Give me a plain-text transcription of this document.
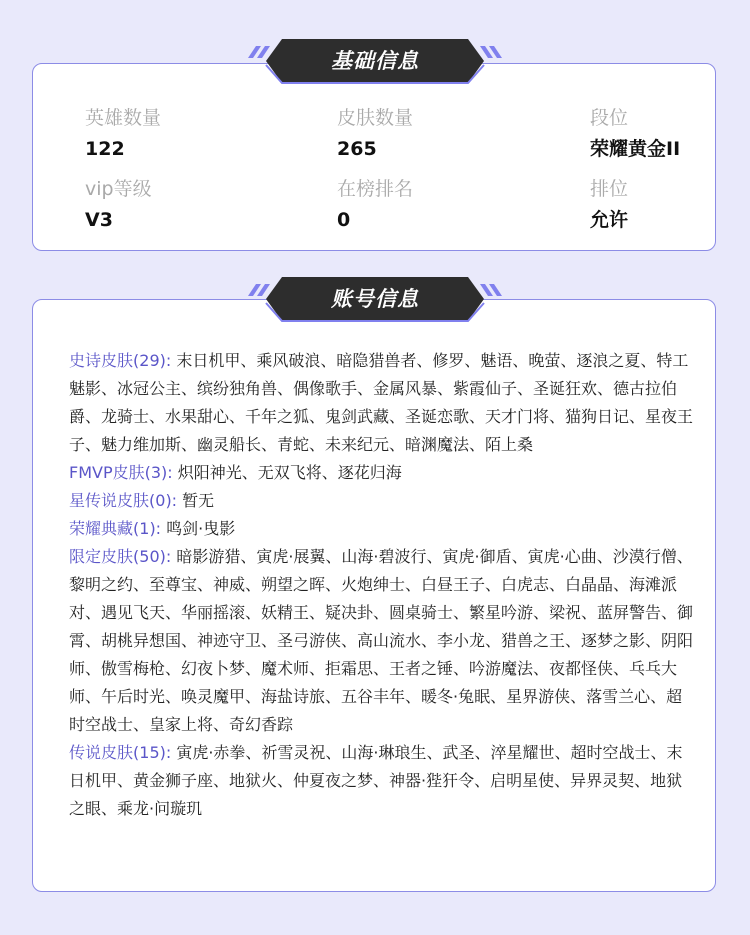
英雄数量
122
皮肤数量
265
段位
荣耀黄金II
vip等级
V3
在榜排名
0
排位
允许
基础信息
史诗皮肤(29): 末日机甲、乘风破浪、暗隐猎兽者、修罗、魅语、晚萤、逐浪之夏、特工魅影、冰冠公主、缤纷独角兽、偶像歌手、金属风暴、紫霞仙子、圣诞狂欢、德古拉伯爵、龙骑士、水果甜心、千年之狐、鬼剑武藏、圣诞恋歌、天才门将、猫狗日记、星夜王子、魅力维加斯、幽灵船长、青蛇、未来纪元、暗渊魔法、陌上桑
FMVP皮肤(3): 炽阳神光、无双飞将、逐花归海
星传说皮肤(0): 暂无
荣耀典藏(1): 鸣剑·曳影
限定皮肤(50): 暗影游猎、寅虎·展翼、山海·碧波行、寅虎·御盾、寅虎·心曲、沙漠行僧、黎明之约、至尊宝、神威、朔望之晖、火炮绅士、白昼王子、白虎志、白晶晶、海滩派对、遇见飞天、华丽摇滚、妖精王、疑决卦、圆桌骑士、繁星吟游、梁祝、蓝屏警告、御霄、胡桃异想国、神迹守卫、圣弓游侠、高山流水、李小龙、猎兽之王、逐梦之影、阴阳师、傲雪梅枪、幻夜卜梦、魔术师、拒霜思、王者之锤、吟游魔法、夜都怪侠、乓乓大师、午后时光、唤灵魔甲、海盐诗旅、五谷丰年、暖冬·兔眠、星界游侠、落雪兰心、超时空战士、皇家上将、奇幻香踪
传说皮肤(15): 寅虎·赤拳、祈雪灵祝、山海·琳琅生、武圣、淬星耀世、超时空战士、末日机甲、黄金狮子座、地狱火、仲夏夜之梦、神器·狴犴令、启明星使、异界灵契、地狱之眼、乘龙·问璇玑
账号信息
